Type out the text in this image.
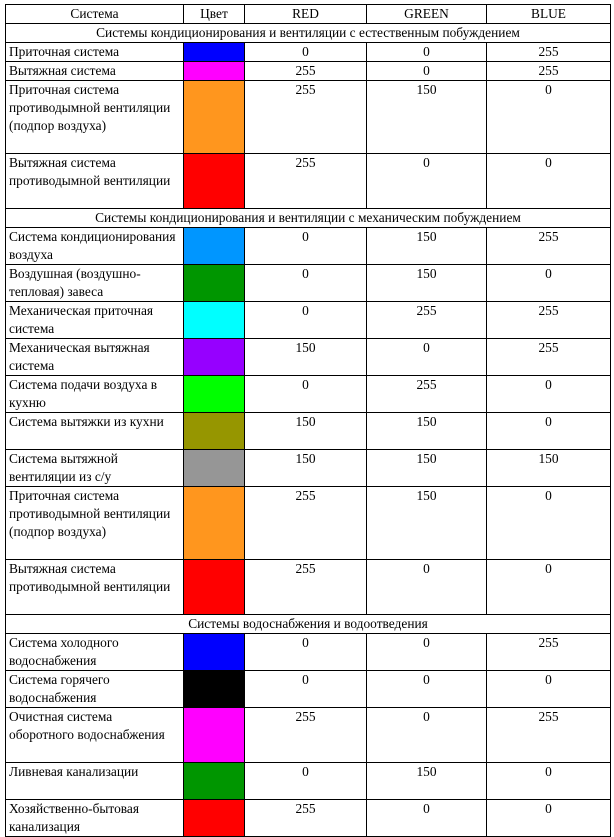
Система	Цвет	RED	GREEN	BLUE
Системы кондиционирования и вентиляции с естественным побуждением				
Приточная система		0	0	255
Вытяжная система		255	0	255
Приточная система противодымной вентиляции (подпор воздуха)		255	150	0
Вытяжная система противодымной вентиляции		255	0	0
Системы кондиционирования и вентиляции с механическим побуждением				
Система кондиционирования воздуха		0	150	255
Воздушная (воздушно-тепловая) завеса		0	150	0
Механическая приточная система		0	255	255
Механическая вытяжная система		150	0	255
Система подачи воздуха в кухню		0	255	0
Система вытяжки из кухни		150	150	0
Система вытяжной вентиляции из с/у		150	150	150
Приточная система противодымной вентиляции (подпор воздуха)		255	150	0
Вытяжная система противодымной вентиляции		255	0	0
Системы водоснабжения и водоотведения				
Система холодного водоснабжения		0	0	255
Система горячего водоснабжения		0	0	0
Очистная система оборотного водоснабжения		255	0	255
Ливневая канализации		0	150	0
Хозяйственно-бытовая канализация		255	0	0
